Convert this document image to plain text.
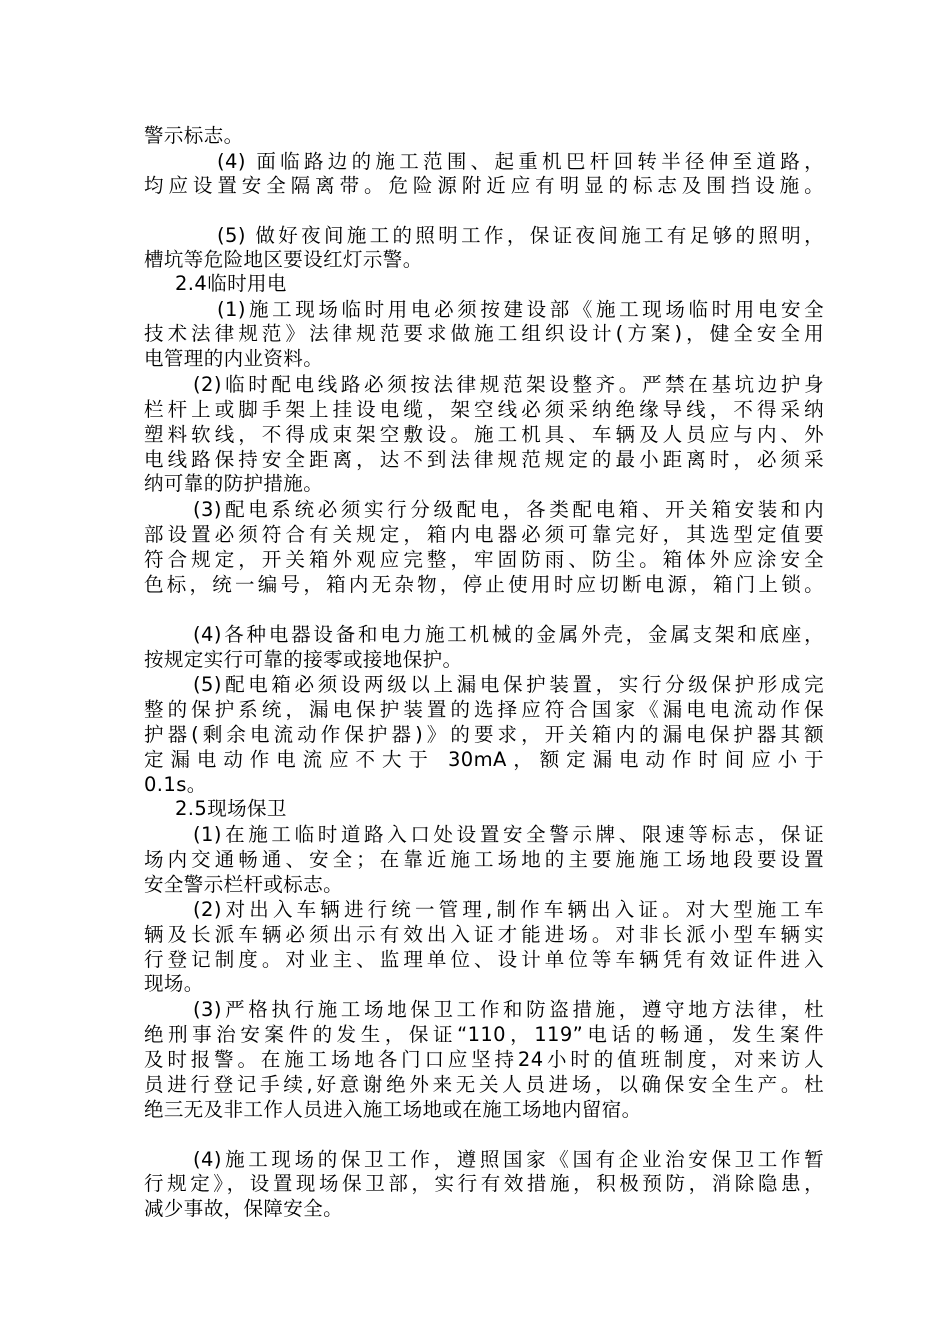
警示标志。
(4) 面临路边的施工范围、起重机巴杆回转半径伸至道路，
均应设置安全隔离带。危险源附近应有明显的标志及围挡设施。
(5) 做好夜间施工的照明工作，保证夜间施工有足够的照明，
槽坑等危险地区要设红灯示警。
2.4临时用电
(1)施工现场临时用电必须按建设部《施工现场临时用电安全
技术法律规范》法律规范要求做施工组织设计(方案)，健全安全用
电管理的内业资料。
(2)临时配电线路必须按法律规范架设整齐。严禁在基坑边护身
栏杆上或脚手架上挂设电缆，架空线必须采纳绝缘导线，不得采纳
塑料软线，不得成束架空敷设。施工机具、车辆及人员应与内、外
电线路保持安全距离，达不到法律规范规定的最小距离时，必须采
纳可靠的防护措施。
(3)配电系统必须实行分级配电，各类配电箱、开关箱安装和内
部设置必须符合有关规定，箱内电器必须可靠完好，其选型定值要
符合规定，开关箱外观应完整，牢固防雨、防尘。箱体外应涂安全
色标，统一编号，箱内无杂物，停止使用时应切断电源，箱门上锁。
(4)各种电器设备和电力施工机械的金属外壳，金属支架和底座，
按规定实行可靠的接零或接地保护。
(5)配电箱必须设两级以上漏电保护装置，实行分级保护形成完
整的保护系统，漏电保护装置的选择应符合国家《漏电电流动作保
护器(剩余电流动作保护器)》的要求，开关箱内的漏电保护器其额
定漏电动作电流应不大于 30mA，额定漏电动作时间应小于
0.1s。
2.5现场保卫
(1)在施工临时道路入口处设置安全警示牌、限速等标志，保证
场内交通畅通、安全；在靠近施工场地的主要施施工场地段要设置
安全警示栏杆或标志。
(2)对出入车辆进行统一管理,制作车辆出入证。对大型施工车
辆及长派车辆必须出示有效出入证才能进场。对非长派小型车辆实
行登记制度。对业主、监理单位、设计单位等车辆凭有效证件进入
现场。
(3)严格执行施工场地保卫工作和防盗措施，遵守地方法律，杜
绝刑事治安案件的发生，保证“110，119”电话的畅通，发生案件
及时报警。在施工场地各门口应坚持24小时的值班制度，对来访人
员进行登记手续,好意谢绝外来无关人员进场，以确保安全生产。杜
绝三无及非工作人员进入施工场地或在施工场地内留宿。
(4)施工现场的保卫工作，遵照国家《国有企业治安保卫工作暂
行规定》，设置现场保卫部，实行有效措施，积极预防，消除隐患，
减少事故，保障安全。
